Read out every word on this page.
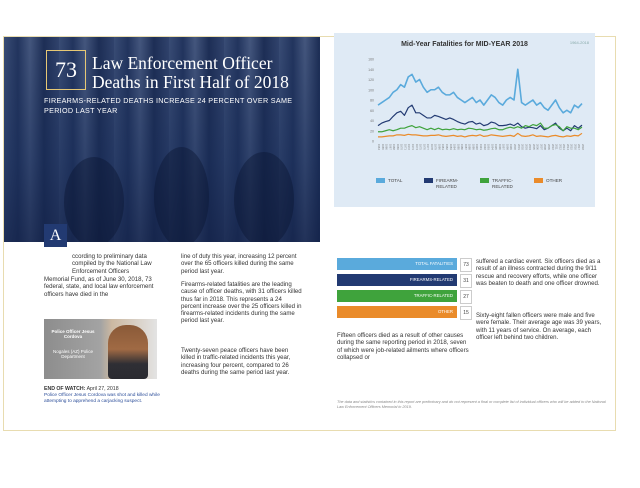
73 Law Enforcement Officer Deaths in First Half of 2018
FIREARMS-RELATED DEATHS INCREASE 24 PERCENT OVER SAME PERIOD LAST YEAR
Mid-Year Fatalities for MID-YEAR 2018	1964-2018
0
20
40
60
80
100
120
140
160
1964 1965 1966 1967 1968 1969 1970 1971 1972 1973 1974 1975 1976 1977 1978 1979 1980 1981 1982 1983 1984 1985 1986 1987 1988 1989 1990 1991 1992 1993 1994 1995 1996 1997 1998 1999 2000 2001 2002 2003 2004 2005 2006 2007 2008 2009 2010 2011 2012 2013 2014 2015 2016 2017 2018
TOTAL	FIREARM-
RELATED
TRAFFIC-
RELATED
OTHER
A
ccording to preliminary data compiled by the National Law Enforcement Officers
Memorial Fund, as of June 30, 2018, 73 federal, state, and local law enforcement officers have died in the
Police Officer Jesus Cordova
Nogales (AZ) Police Department
END OF WATCH: April 27, 2018
Police Officer Jesus Cordova was shot and killed while attempting to apprehend a carjacking suspect.
line of duty this year, increasing 12 percent over the 65 officers killed during the same period last year.
Firearms-related fatalities are the leading cause of officer deaths, with 31 officers killed thus far in 2018. This represents a 24 percent increase over the 25 officers killed in firearms-related incidents during the same period last year.
Twenty-seven peace officers have been killed in traffic-related incidents this year, increasing four percent, compared to 26 deaths during the same period last year.
TOTAL FATALITIES	73
FIREARMS-RELATED	31
TRAFFIC-RELATED	27
OTHER	15
Fifteen officers died as a result of other causes during the same reporting period in 2018, seven of which were job-related ailments where officers collapsed or
suffered a cardiac event. Six officers died as a result of an illness contracted during the 9/11 rescue and recovery efforts, while one officer was beaten to death and one officer drowned.
Sixty-eight fallen officers were male and five were female. Their average age was 39 years, with 11 years of service. On average, each officer left behind two children.
The data and statistics contained in this report are preliminary and do not represent a final or complete list of individual officers who will be added to the National Law Enforcement Officers Memorial in 2019.
